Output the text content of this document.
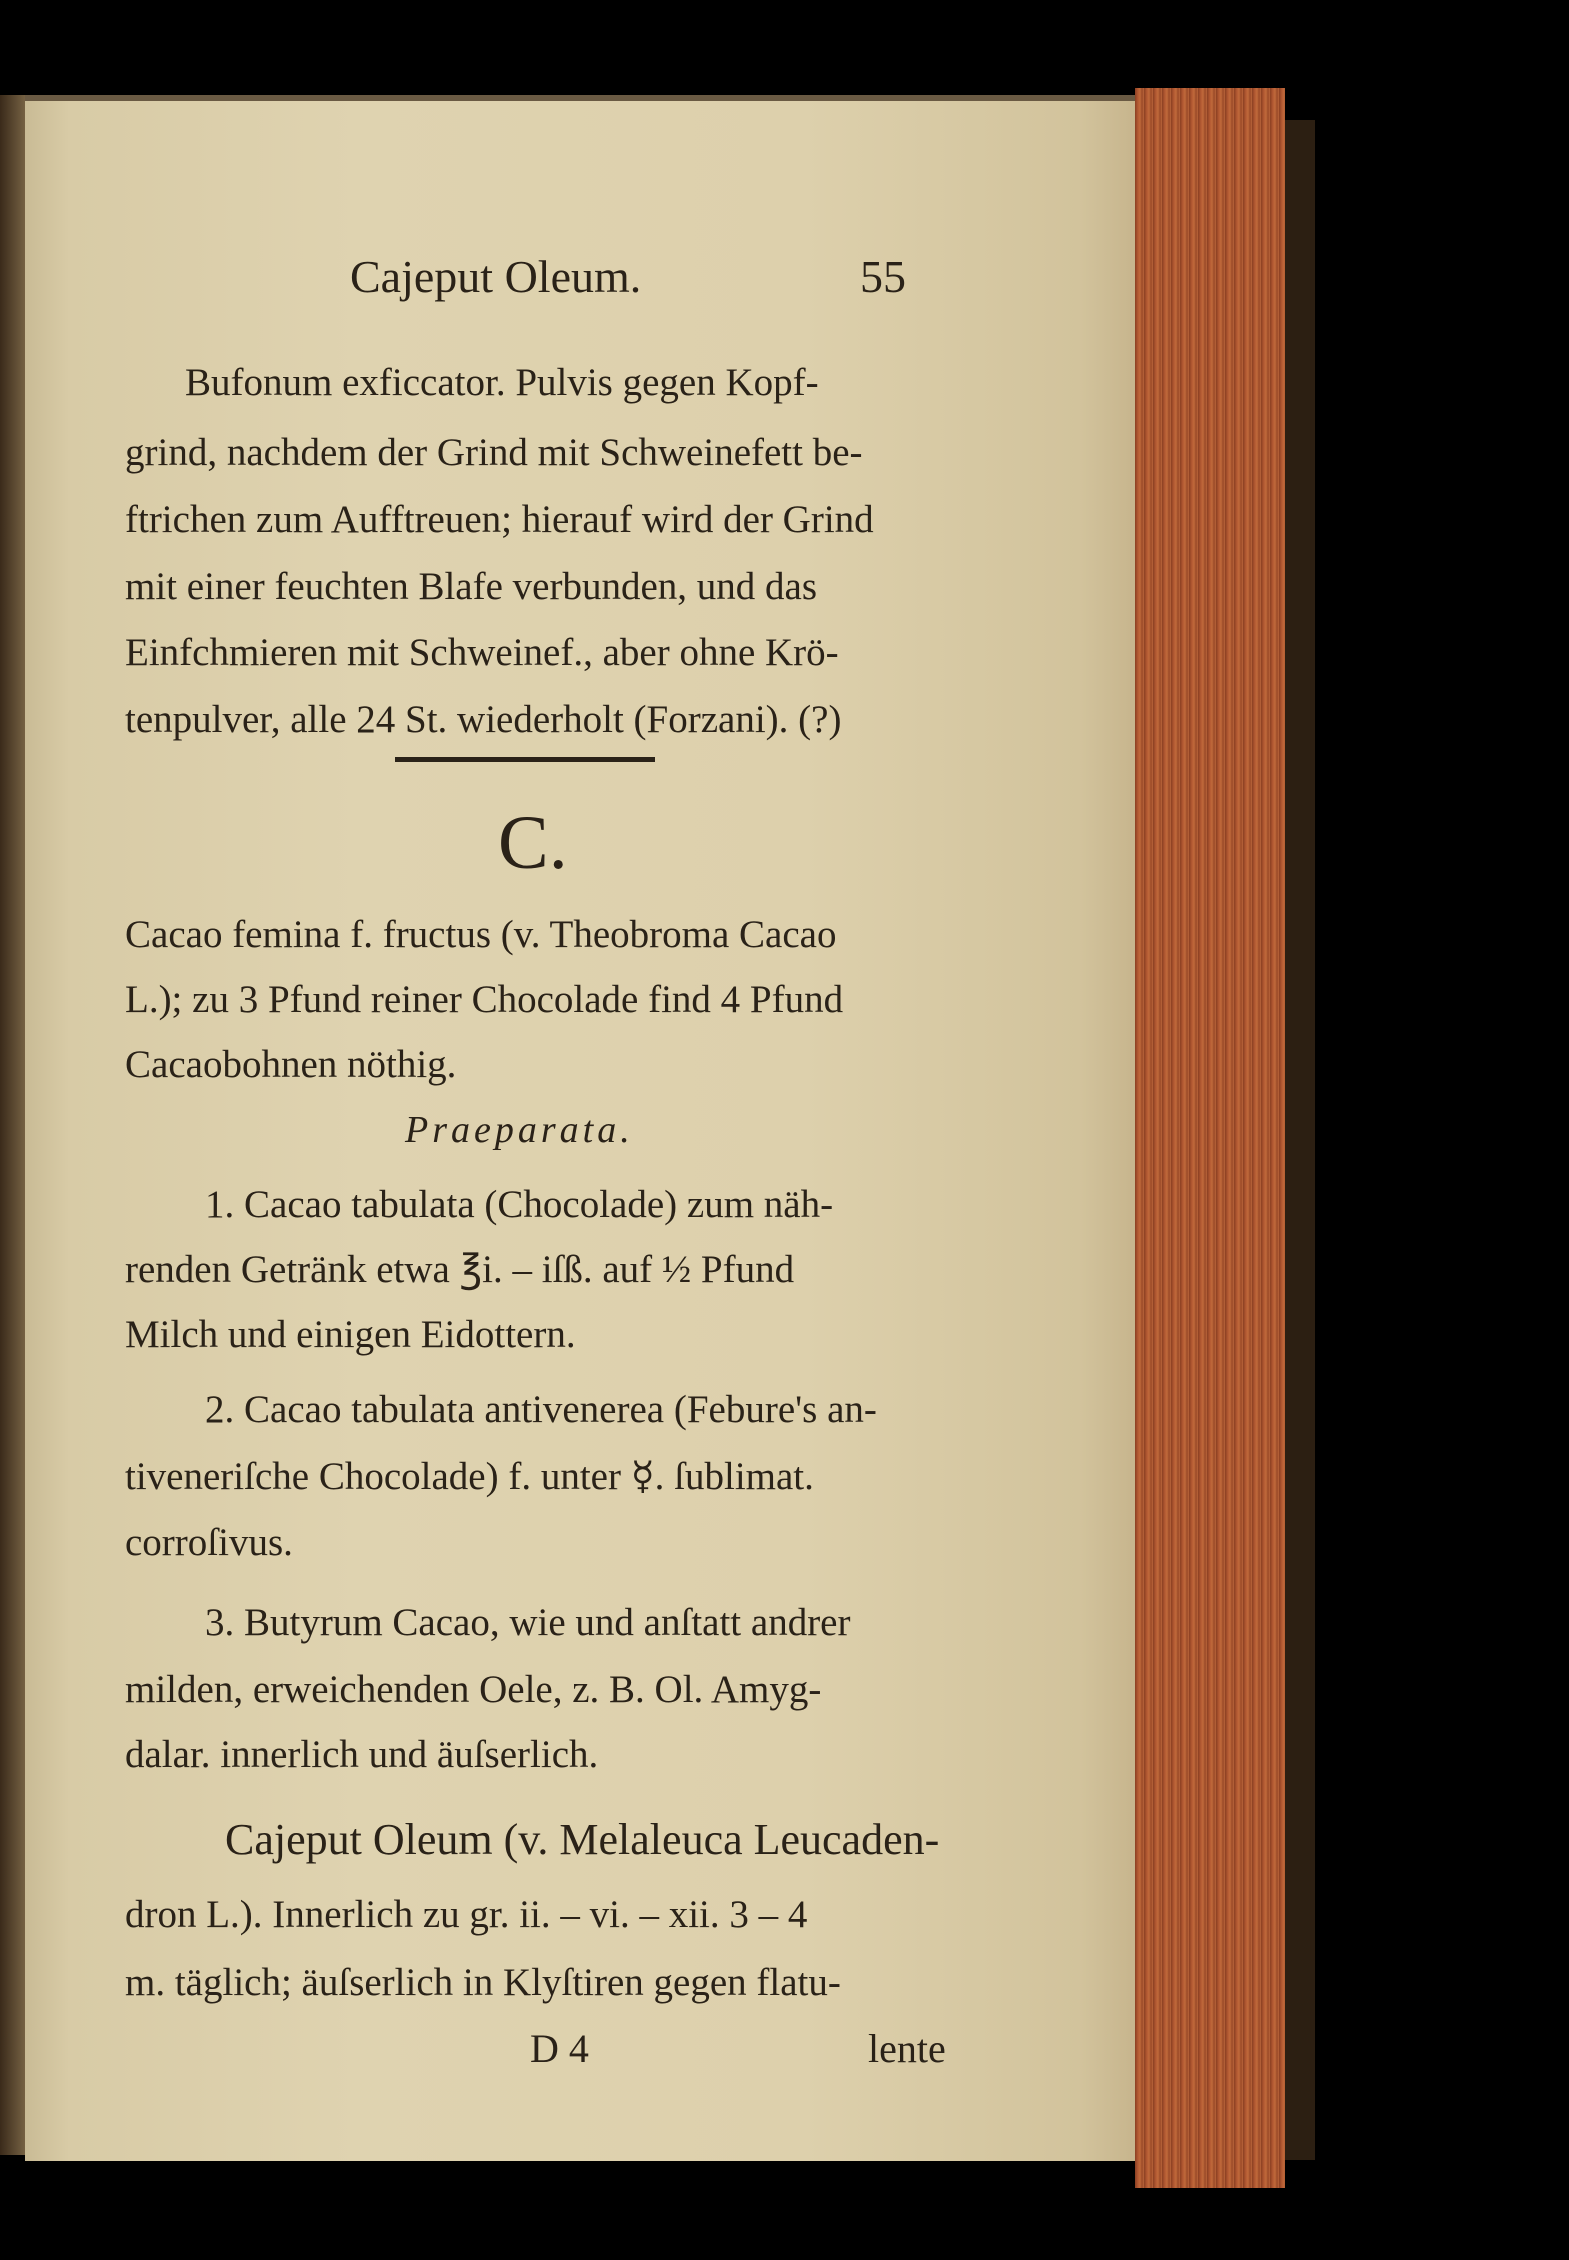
Cajeput Oleum.	55
Bufonum exficcator. Pulvis gegen Kopf-
grind, nachdem der Grind mit Schweinefett be-
ftrichen zum Aufftreuen; hierauf wird der Grind
mit einer feuchten Blafe verbunden, und das
Einfchmieren mit Schweinef., aber ohne Krö-
tenpulver, alle 24 St. wiederholt (Forzani). (?)
Cacao femina f. fructus (v. Theobroma Cacao
L.); zu 3 Pfund reiner Chocolade find 4 Pfund
Cacaobohnen nöthig.
1. Cacao tabulata (Chocolade) zum näh-
renden Getränk etwa ℥i. – iſß. auf ½ Pfund
Milch und einigen Eidottern.
2. Cacao tabulata antivenerea (Febure's an-
tiveneriſche Chocolade) f. unter ☿. ſublimat.
corroſivus.
3. Butyrum Cacao, wie und anſtatt andrer
milden, erweichenden Oele, z. B. Ol. Amyg-
dalar. innerlich und äuſserlich.
Cajeput Oleum (v. Melaleuca Leucaden-
dron L.). Innerlich zu gr. ii. – vi. – xii. 3 – 4
m. täglich; äuſserlich in Klyſtiren gegen flatu-
C.
Praeparata.
D 4	lente
